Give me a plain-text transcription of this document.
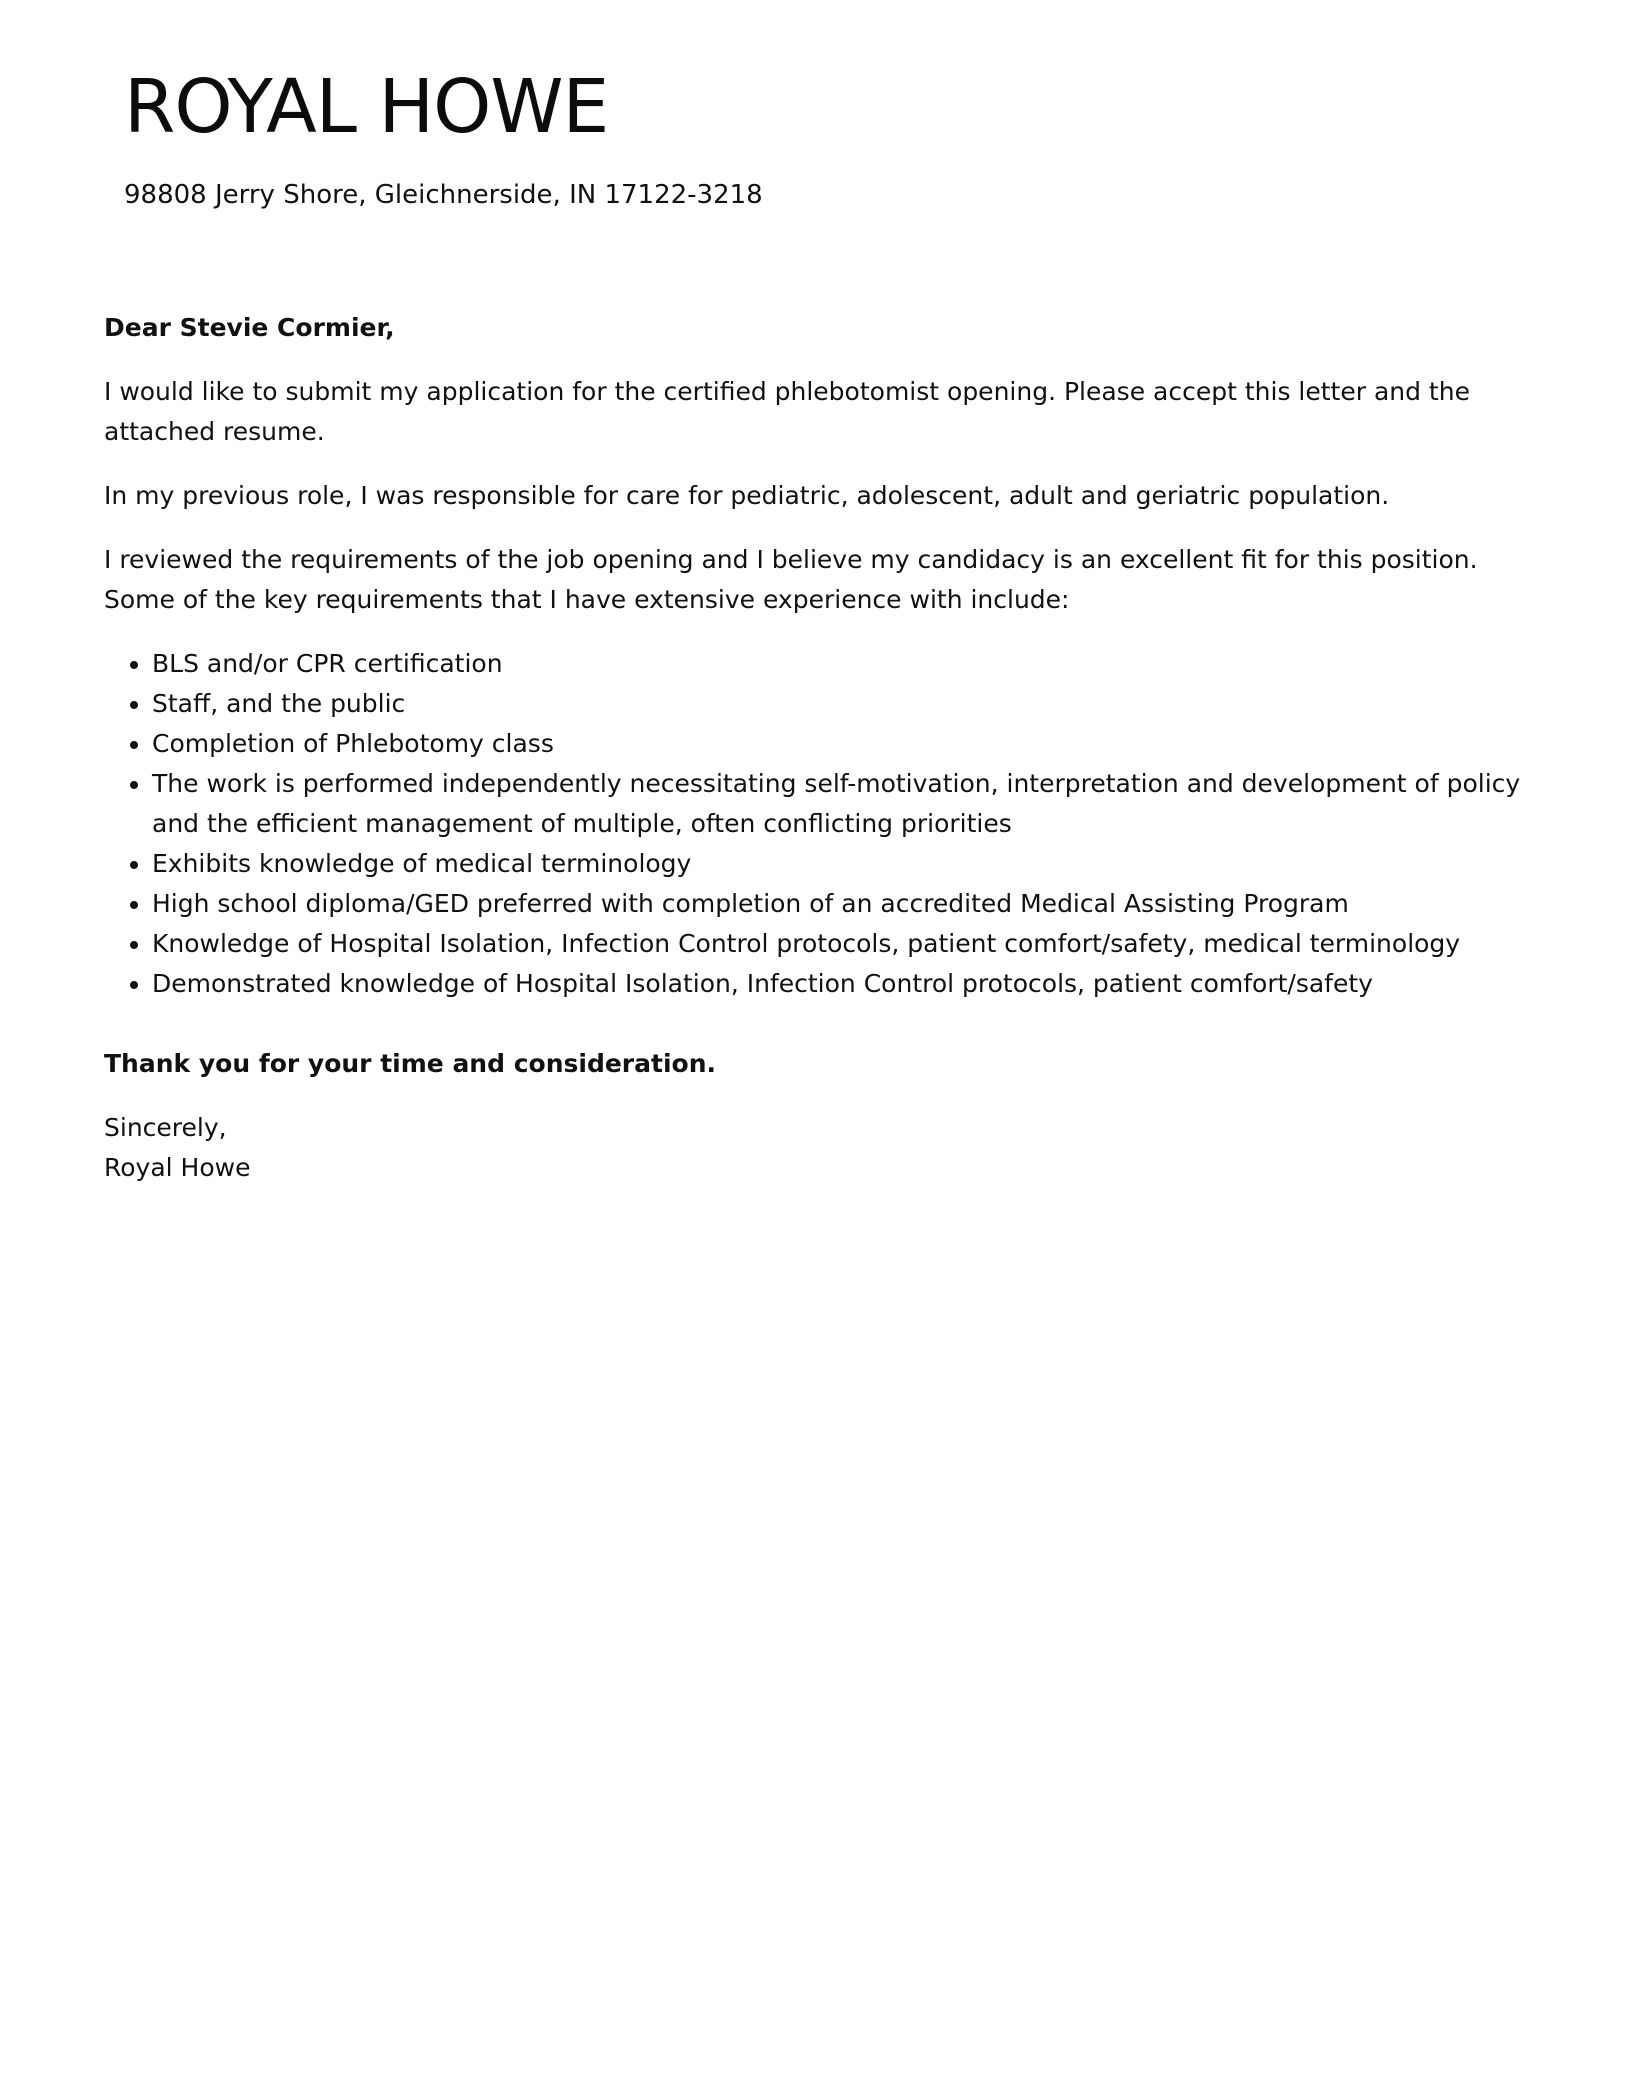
ROYAL HOWE
98808 Jerry Shore, Gleichnerside, IN 17122-3218

Dear Stevie Cormier,

I would like to submit my application for the certified phlebotomist opening. Please accept this letter and the attached resume.

In my previous role, I was responsible for care for pediatric, adolescent, adult and geriatric population.

I reviewed the requirements of the job opening and I believe my candidacy is an excellent fit for this position. Some of the key requirements that I have extensive experience with include:

• BLS and/or CPR certification
• Staff, and the public
• Completion of Phlebotomy class
• The work is performed independently necessitating self-motivation, interpretation and development of policy and the efficient management of multiple, often conflicting priorities
• Exhibits knowledge of medical terminology
• High school diploma/GED preferred with completion of an accredited Medical Assisting Program
• Knowledge of Hospital Isolation, Infection Control protocols, patient comfort/safety, medical terminology
• Demonstrated knowledge of Hospital Isolation, Infection Control protocols, patient comfort/safety

Thank you for your time and consideration.

Sincerely,
Royal Howe
